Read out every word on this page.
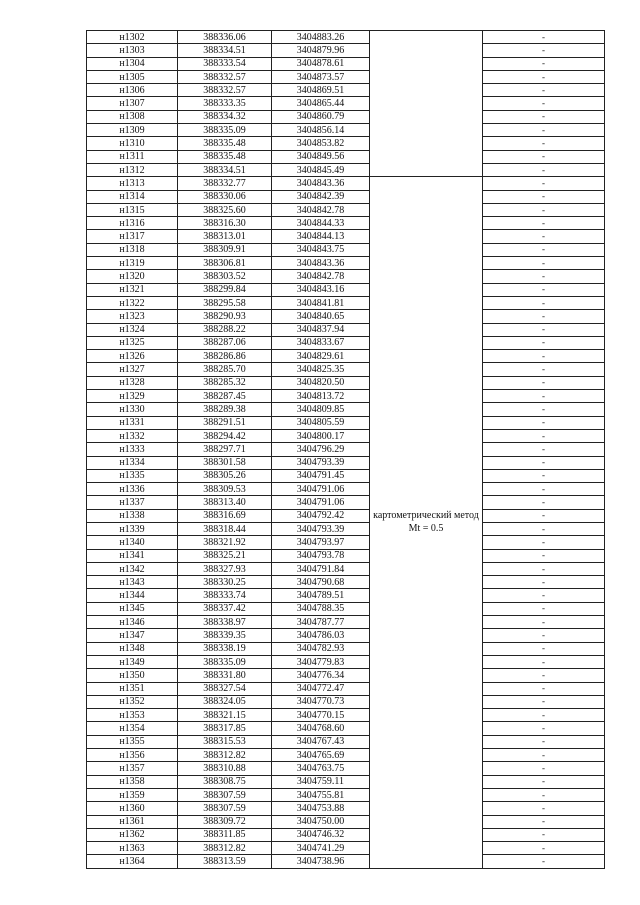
н1302	388336.06	3404883.26		-
н1303	388334.51	3404879.96		-
н1304	388333.54	3404878.61		-
н1305	388332.57	3404873.57		-
н1306	388332.57	3404869.51		-
н1307	388333.35	3404865.44		-
н1308	388334.32	3404860.79		-
н1309	388335.09	3404856.14		-
н1310	388335.48	3404853.82		-
н1311	388335.48	3404849.56		-
н1312	388334.51	3404845.49		-
н1313	388332.77	3404843.36	картометрический метод Mt = 0.5	-
н1314	388330.06	3404842.39		-
н1315	388325.60	3404842.78		-
н1316	388316.30	3404844.33		-
н1317	388313.01	3404844.13		-
н1318	388309.91	3404843.75		-
н1319	388306.81	3404843.36		-
н1320	388303.52	3404842.78		-
н1321	388299.84	3404843.16		-
н1322	388295.58	3404841.81		-
н1323	388290.93	3404840.65		-
н1324	388288.22	3404837.94		-
н1325	388287.06	3404833.67		-
н1326	388286.86	3404829.61		-
н1327	388285.70	3404825.35		-
н1328	388285.32	3404820.50		-
н1329	388287.45	3404813.72		-
н1330	388289.38	3404809.85		-
н1331	388291.51	3404805.59		-
н1332	388294.42	3404800.17		-
н1333	388297.71	3404796.29		-
н1334	388301.58	3404793.39		-
н1335	388305.26	3404791.45		-
н1336	388309.53	3404791.06		-
н1337	388313.40	3404791.06		-
н1338	388316.69	3404792.42		-
н1339	388318.44	3404793.39		-
н1340	388321.92	3404793.97		-
н1341	388325.21	3404793.78		-
н1342	388327.93	3404791.84		-
н1343	388330.25	3404790.68		-
н1344	388333.74	3404789.51		-
н1345	388337.42	3404788.35		-
н1346	388338.97	3404787.77		-
н1347	388339.35	3404786.03		-
н1348	388338.19	3404782.93		-
н1349	388335.09	3404779.83		-
н1350	388331.80	3404776.34		-
н1351	388327.54	3404772.47		-
н1352	388324.05	3404770.73		-
н1353	388321.15	3404770.15		-
н1354	388317.85	3404768.60		-
н1355	388315.53	3404767.43		-
н1356	388312.82	3404765.69		-
н1357	388310.88	3404763.75		-
н1358	388308.75	3404759.11		-
н1359	388307.59	3404755.81		-
н1360	388307.59	3404753.88		-
н1361	388309.72	3404750.00		-
н1362	388311.85	3404746.32		-
н1363	388312.82	3404741.29		-
н1364	388313.59	3404738.96		-
